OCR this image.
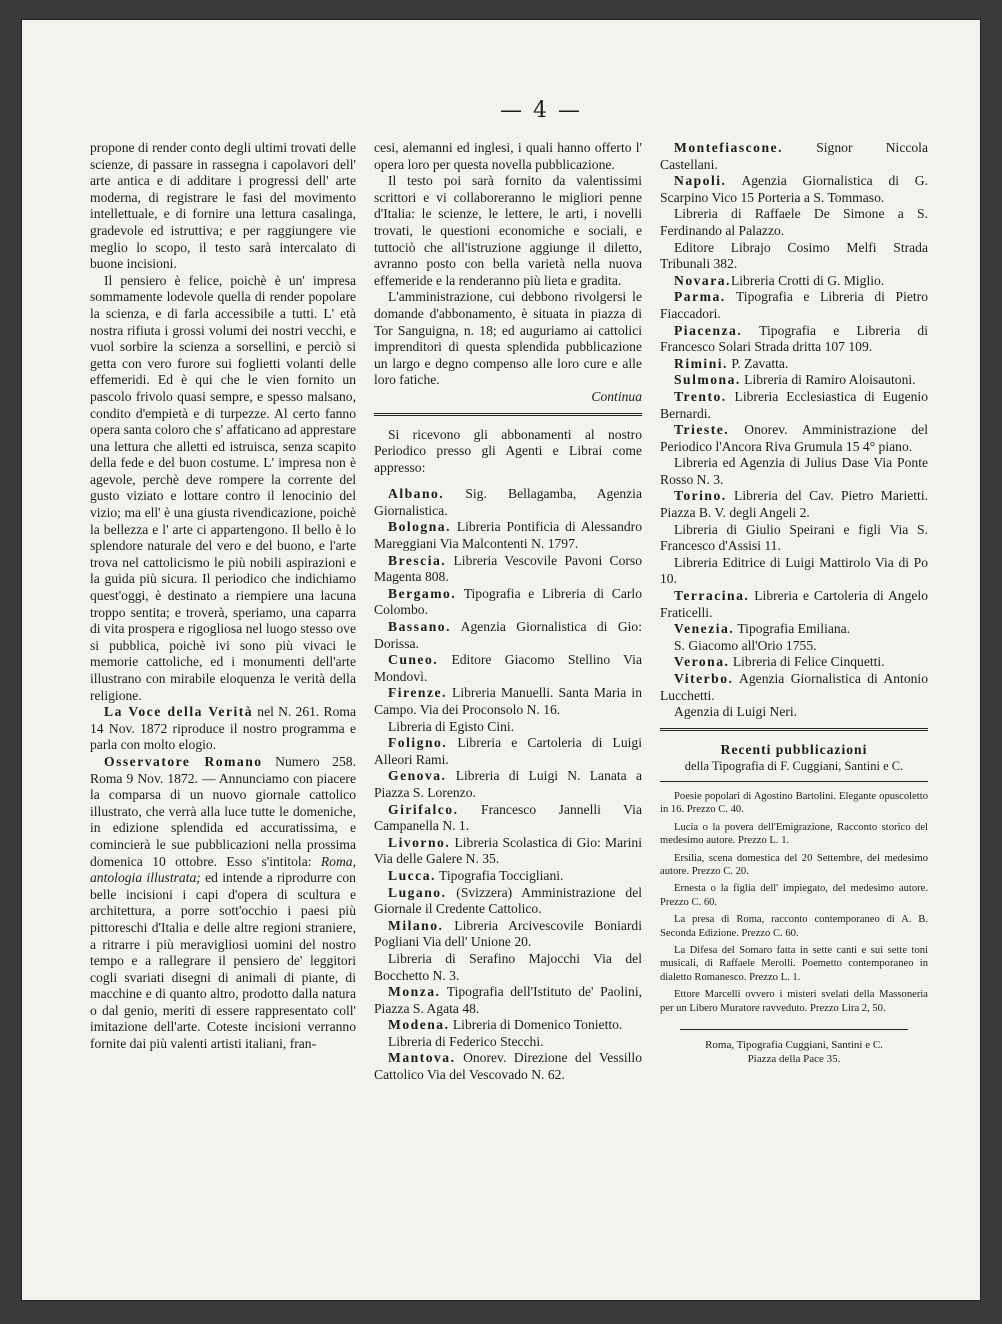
— 4 —

propone di render conto degli ultimi trovati delle scienze, di passare in rassegna i capolavori dell' arte antica e di additare i progressi dell' arte moderna, di registrare le fasi del movimento intellettuale, e di fornire una lettura casalinga, gradevole ed istruttiva; e per raggiungere vie meglio lo scopo, il testo sarà intercalato di buone incisioni.

Il pensiero è felice, poichè è un' impresa sommamente lodevole quella di render popolare la scienza, e di farla accessibile a tutti. L' età nostra rifiuta i grossi volumi dei nostri vecchi, e vuol sorbire la scienza a sorsellini, e perciò si getta con vero furore sui foglietti volanti delle effemeridi. Ed è qui che le vien fornito un pascolo frivolo quasi sempre, e spesso malsano, condito d'empietà e di turpezze. Al certo fanno opera santa coloro che s' affaticano ad apprestare una lettura che alletti ed istruisca, senza scapito della fede e del buon costume. L' impresa non è agevole, perchè deve rompere la corrente del gusto viziato e lottare contro il lenocinio del vizio; ma ell' è una giusta rivendicazione, poichè la bellezza e l' arte ci appartengono. Il bello è lo splendore naturale del vero e del buono, e l'arte trova nel cattolicismo le più nobili aspirazioni e la guida più sicura. Il periodico che indichiamo quest'oggi, è destinato a riempiere una lacuna troppo sentita; e troverà, speriamo, una caparra di vita prospera e rigogliosa nel luogo stesso ove si pubblica, poichè ivi sono più vivaci le memorie cattoliche, ed i monumenti dell'arte illustrano con mirabile eloquenza le verità della religione.

La Voce della Verità nel N. 261. Roma 14 Nov. 1872 riproduce il nostro programma e parla con molto elogio.

Osservatore Romano Numero 258. Roma 9 Nov. 1872. — Annunciamo con piacere la comparsa di un nuovo giornale cattolico illustrato, che verrà alla luce tutte le domeniche, in edizione splendida ed accuratissima, e comincierà le sue pubblicazioni nella prossima domenica 10 ottobre. Esso s'intitola: Roma, antologia illustrata; ed intende a riprodurre con belle incisioni i capi d'opera di scultura e architettura, a porre sott'occhio i paesi più pittoreschi d'Italia e delle altre regioni straniere, a ritrarre i più meravigliosi uomini del nostro tempo e a rallegrare il pensiero de' leggitori cogli svariati disegni di animali di piante, di macchine e di quanto altro, prodotto dalla natura o dal genio, meriti di essere rappresentato coll' imitazione dell'arte. Coteste incisioni verranno fornite dai più valenti artisti italiani, fran-

cesi, alemanni ed inglesi, i quali hanno offerto l' opera loro per questa novella pubblicazione.

Il testo poi sarà fornito da valentissimi scrittori e vi collaboreranno le migliori penne d'Italia: le scienze, le lettere, le arti, i novelli trovati, le questioni economiche e sociali, e tuttociò che all'istruzione aggiunge il diletto, avranno posto con bella varietà nella nuova effemeride e la renderanno più lieta e gradita.

L'amministrazione, cui debbono rivolgersi le domande d'abbonamento, è situata in piazza di Tor Sanguigna, n. 18; ed auguriamo ai cattolici imprenditori di questa splendida pubblicazione un largo e degno compenso alle loro cure e alle loro fatiche.

Continua

Si ricevono gli abbonamenti al nostro Periodico presso gli Agenti e Librai come appresso:

Albano. Sig. Bellagamba, Agenzia Giornalistica.

Bologna. Libreria Pontificia di Alessandro Mareggiani Via Malcontenti N. 1797.

Brescia. Libreria Vescovile Pavoni Corso Magenta 808.

Bergamo. Tipografia e Libreria di Carlo Colombo.

Bassano. Agenzia Giornalistica di Gio: Dorissa.

Cuneo. Editore Giacomo Stellino Via Mondovì.

Firenze. Libreria Manuelli. Santa Maria in Campo. Via dei Proconsolo N. 16.

Libreria di Egisto Cini.

Foligno. Libreria e Cartoleria di Luigi Alleori Rami.

Genova. Libreria di Luigi N. Lanata a Piazza S. Lorenzo.

Girifalco. Francesco Jannelli Via Campanella N. 1.

Livorno. Libreria Scolastica di Gio: Marini Via delle Galere N. 35.

Lucca. Tipografia Toccigliani.

Lugano. (Svizzera) Amministrazione del Giornale il Credente Cattolico.

Milano. Libreria Arcivescovile Boniardi Pogliani Via dell' Unione 20.

Libreria di Serafino Majocchi Via del Bocchetto N. 3.

Monza. Tipografia dell'Istituto de' Paolini, Piazza S. Agata 48.

Modena. Libreria di Domenico Tonietto.

Libreria di Federico Stecchi.

Mantova. Onorev. Direzione del Vessillo Cattolico Via del Vescovado N. 62.

Montefiascone. Signor Niccola Castellani.

Napoli. Agenzia Giornalistica di G. Scarpino Vico 15 Porteria a S. Tommaso.

Libreria di Raffaele De Simone a S. Ferdinando al Palazzo.

Editore Librajo Cosimo Melfi Strada Tribunali 382.

Novara.Libreria Crotti di G. Miglio.

Parma. Tipografia e Libreria di Pietro Fiaccadori.

Piacenza. Tipografia e Libreria di Francesco Solari Strada dritta 107 109.

Rimini. P. Zavatta.

Sulmona. Libreria di Ramiro Aloisautoni.

Trento. Libreria Ecclesiastica di Eugenio Bernardi.

Trieste. Onorev. Amministrazione del Periodico l'Ancora Riva Grumula 15 4° piano.

Libreria ed Agenzia di Julius Dase Via Ponte Rosso N. 3.

Torino. Libreria del Cav. Pietro Marietti. Piazza B. V. degli Angeli 2.

Libreria di Giulio Speirani e figli Via S. Francesco d'Assisi 11.

Libreria Editrice di Luigi Mattirolo Via di Po 10.

Terracina. Libreria e Cartoleria di Angelo Fraticelli.

Venezia. Tipografia Emiliana.

S. Giacomo all'Orio 1755.

Verona. Libreria di Felice Cinquetti.

Viterbo. Agenzia Giornalistica di Antonio Lucchetti.

Agenzia di Luigi Neri.

Recenti pubblicazioni
della Tipografia di F. Cuggiani, Santini e C.

Poesie popolari di Agostino Bartolini. Elegante opuscoletto in 16. Prezzo C. 40.

Lucia o la povera dell'Emigrazione, Racconto storico del medesimo autore. Prezzo L. 1.

Ersilia, scena domestica del 20 Settembre, del medesimo autore. Prezzo C. 20.

Ernesta o la figlia dell' impiegato, del medesimo autore. Prezzo C. 60.

La presa di Roma, racconto contemporaneo di A. B. Seconda Edizione. Prezzo C. 60.

La Difesa del Somaro fatta in sette canti e sui sette toni musicali, di Raffaele Merolli. Poemetto contemporaneo in dialetto Romanesco. Prezzo L. 1.

Ettore Marcelli ovvero i misteri svelati della Massoneria per un Libero Muratore ravveduto. Prezzo Lira 2, 50.

Roma, Tipografia Cuggiani, Santini e C.
Piazza della Pace 35.
